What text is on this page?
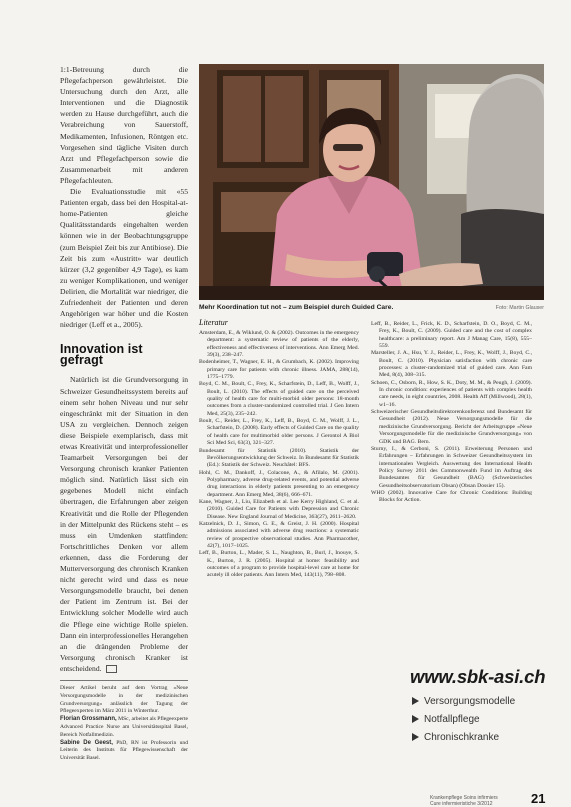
1:1-Betreuung durch die Pflegefachperson gewährleistet. Die Untersuchung durch den Arzt, alle Interventionen und die Diagnostik werden zu Hause durchgeführt, auch die Verabreichung von Sauerstoff, Medikamenten, Infusionen, Röntgen etc. Vorgesehen sind tägliche Visiten durch Arzt und Pflegefachperson sowie die Zusammenarbeit mit anderen Pflegefachleuten.

Die Evaluationsstudie mit «55 Patienten ergab, dass bei den Hospital-at-home-Patienten gleiche Qualitätsstandards eingehalten werden können wie in der Beobachtungsgruppe (zum Beispiel Zeit bis zur Antibiose). Die Zeit bis zum «Austritt» war deutlich kürzer (3,2 gegenüber 4,9 Tage), es kam zu weniger Komplikationen, und weniger Delirien, die Mortalität war niedriger, die Zufriedenheit der Patienten und deren Angehörigen war höher und die Kosten niedriger (Leff et a., 2005).

Innovation ist gefragt

Natürlich ist die Grundversorgung in Schweizer Gesundheitssystem bereits auf einem sehr hohen Niveau und nur sehr eingeschränkt mit der Situation in den USA zu vergleichen. Dennoch zeigen diese Beispiele exemplarisch, dass mit etwas Kreativität und interprofessioneller Teamarbeit Versorgungen bei der Versorgung chronisch kranker Patienten möglich sind. Natürlich lässt sich ein gegebenes Modell nicht einfach übertragen, die Erfahrungen aber zeigen Kreativität und die Rolle der Pflegenden in der Mittelpunkt des Rückens steht – es muss ein Umdenken stattfinden: Fortschrittliches Denken vor allem erkennen, dass die Forderung der Mutterversorgung des chronisch Kranken nicht gerecht wird und dass es neue Versorgungsmodelle braucht, bei denen der Patient im Zentrum ist. Bei der Entwicklung solcher Modelle wird auch die Pflege eine wichtige Rolle spielen. Dann ein interprofessionelles Herangehen an die drängenden Probleme der Versorgung chronisch Kranker ist entscheidend.

Dieser Artikel beruht auf dem Vortrag «Neue Versorgungsmodelle in der medizinischen Grundversorgung» anlässlich der Tagung der Pflegeexperten im März 2011 in Winterthur.

Florian Grossmann, MSc, arbeitet als Pflegeexperte Advanced Practice Nurse am Universitätsspital Basel, Bereich Notfallmedizin.

Sabine De Geest, PhD, RN ist Professorin und Leiterin des Instituts für Pflegewissenschaft der Universität Basel.

Mehr Koordination tut not – zum Beispiel durch Guided Care.	Foto: Martin Glauser
Literatur

Amsterdam, E., & Wiklund, O. & (2002). Outcomes in the emergency department: a systematic review of patients of the elderly, effectiveness and effectiveness of interventions. Ann Emerg Med. 39(3), 238–247.

Bodenheimer, T., Wagner, E. H., & Grumbach, K. (2002). Improving primary care for patients with chronic illness. JAMA, 288(14), 1775–1779.

Boyd, C. M., Boult, C., Frey, K., Scharfstein, D., Leff, B., Wolff, J., Boult, L. (2010). The effects of guided care on the perceived quality of health care for multi-morbid older persons: 18-month outcomes from a cluster-randomized controlled trial. J Gen Intern Med, 25(3), 235–242.

Boult, C., Reider, L., Frey, K., Leff, B., Boyd, C. M., Wolff, J. L., Scharfstein, D. (2008). Early effects of Guided Care on the quality of health care for multimorbid older persons. J Gerontol A Biol Sci Med Sci, 63(3), 321–327.

Bundesamt für Statistik (2010). Statistik der Bevölkerungsentwicklung der Schweiz. In Bundesamt für Statistik (Ed.): Statistik der Schweiz. Neuchâtel: BFS.

Hohl, C. M., Dankoff, J., Colacone, A., & Afilalo, M. (2001). Polypharmacy, adverse drug-related events, and potential adverse drug interactions in elderly patients presenting to an emergency department. Ann Emerg Med, 38(6), 666–671.

Kane, Wagner, J., Liu, Elizabeth et al. Lee Kerry Highland, C. et al. (2010). Guided Care for Patients with Depression and Chronic Disease. New England Journal of Medicine, 363(27), 2611–2620.

Katzelnick, D. J., Simon, G. E., & Greist, J. H. (2000). Hospital admissions associated with adverse drug reactions: a systematic review of prospective observational studies. Ann Pharmacother, 42(7), 1017–1025.

Leff, B., Burton, L., Mader, S. L., Naughton, B., Burl, J., Inouye, S. K., Burton, J. R. (2005). Hospital at home: feasibility and outcomes of a program to provide hospital-level care at home for acutely ill older patients. Ann Intern Med, 143(11), 798–808.

Leff, B., Reider, L., Frick, K. D., Scharfstein, D. O., Boyd, C. M., Frey, K., Boult, C. (2009). Guided care and the cost of complex healthcare: a preliminary report. Am J Manag Care, 15(8), 555–559.

Marsteller, J. A., Hsu, Y. J., Reider, L., Frey, K., Wolff, J., Boyd, C., Boult, C. (2010). Physician satisfaction with chronic care processes: a cluster-randomized trial of guided care. Ann Fam Med, 8(4), 308–315.

Schoen, C., Osborn, R., How, S. K., Doty, M. M., & Peugh, J. (2009). In chronic condition: experiences of patients with complex health care needs, in eight countries, 2008. Health Aff (Millwood), 28(1), w1–16.

Schweizerischer Gesundheitsdirektorenkonferenz und Bundesamt für Gesundheit (2012). Neue Versorgungsmodelle für die medizinische Grundversorgung. Bericht der Arbeitsgruppe «Neue Versorgungsmodelle für die medizinische Grundversorgung» von GDK und BAG. Bern.

Sturny, I., & Cerboni, S. (2011). Erweiterung Personen und Erfahrungen – Erfahrungen in Schweizer Gesundheitssystem im internationalen Vergleich. Auswertung des International Health Policy Survey 2011 des Commonwealth Fund im Auftrag des Bundesamtes für Gesundheit (BAG) (Schweizerisches Gesundheitsobservatorium Obsan) (Obsan Dossier 15).

WHO (2002). Innovative Care for Chronic Conditions: Building Blocks for Action.

www.sbk-asi.ch
Versorgungsmodelle
Notfallpflege
Chronischkranke
Krankenpflege Soins infirmiers
Cure infermieristiche 3/2012	21
